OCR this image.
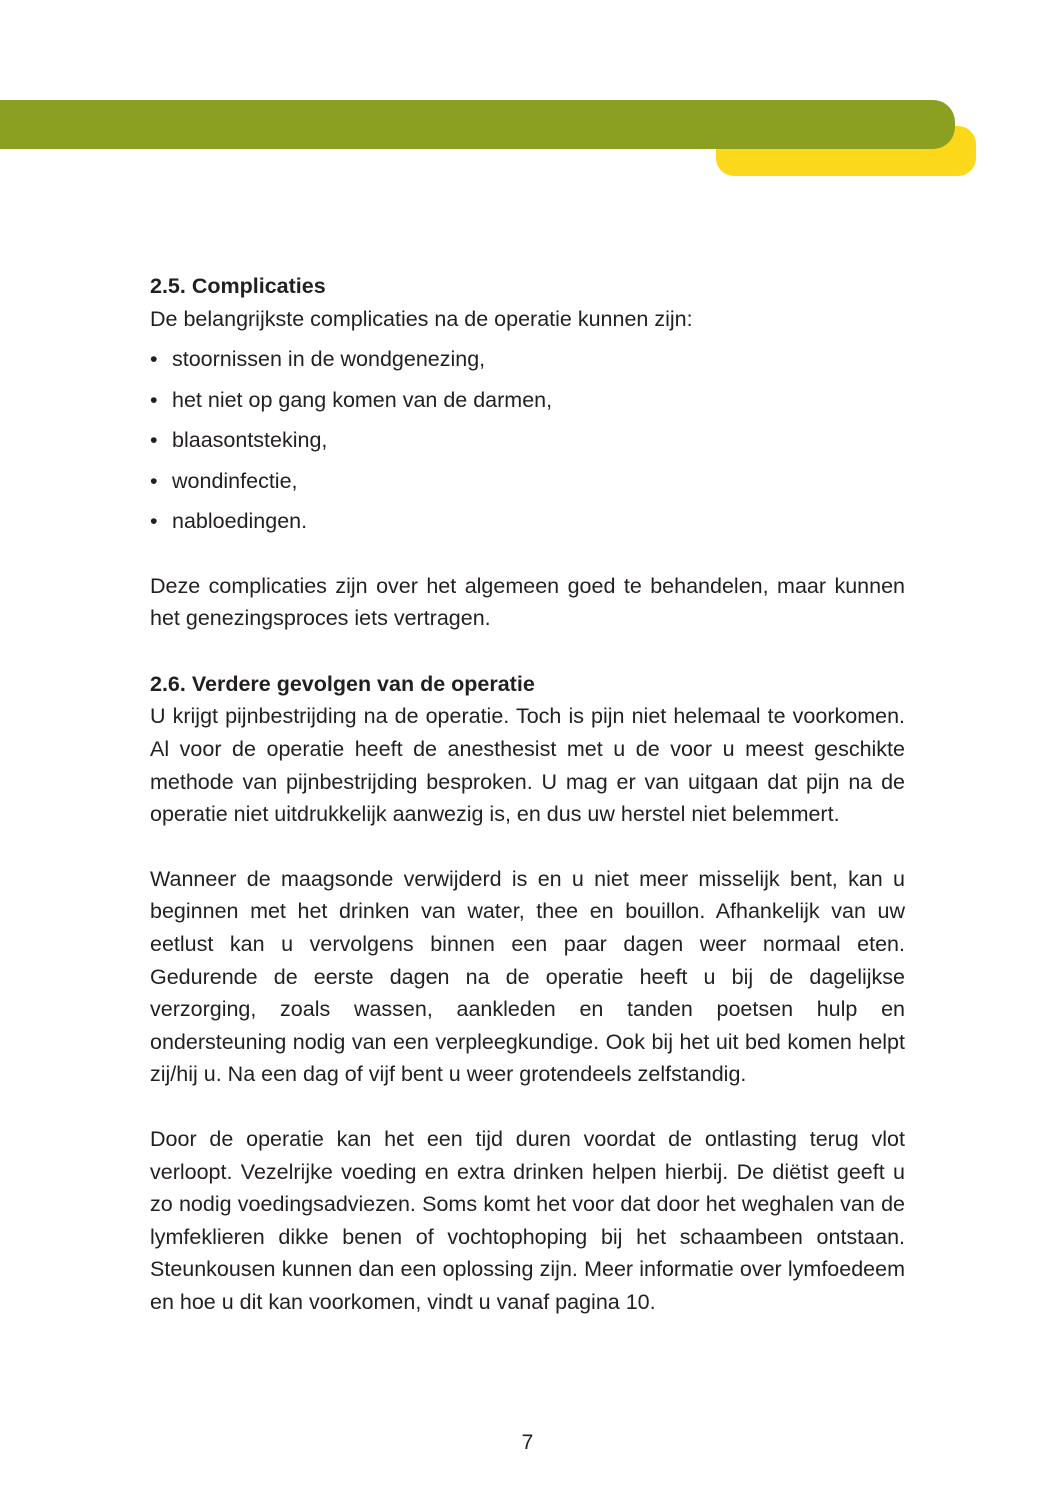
2.5. Complicaties

De belangrijkste complicaties na de operatie kunnen zijn:

• stoornissen in de wondgenezing,
• het niet op gang komen van de darmen,
• blaasontsteking,
• wondinfectie,
• nabloedingen.

Deze complicaties zijn over het algemeen goed te behandelen, maar kunnen het genezingsproces iets vertragen.

2.6. Verdere gevolgen van de operatie

U krijgt pijnbestrijding na de operatie. Toch is pijn niet helemaal te voorkomen. Al voor de operatie heeft de anesthesist met u de voor u meest geschikte methode van pijnbestrijding besproken. U mag er van uitgaan dat pijn na de operatie niet uitdrukkelijk aanwezig is, en dus uw herstel niet belemmert.

Wanneer de maagsonde verwijderd is en u niet meer misselijk bent, kan u beginnen met het drinken van water, thee en bouillon. Afhankelijk van uw eetlust kan u vervolgens binnen een paar dagen weer normaal eten. Gedurende de eerste dagen na de operatie heeft u bij de dagelijkse verzorging, zoals wassen, aankleden en tanden poetsen hulp en ondersteuning nodig van een verpleegkundige. Ook bij het uit bed komen helpt zij/hij u. Na een dag of vijf bent u weer grotendeels zelfstandig.

Door de operatie kan het een tijd duren voordat de ontlasting terug vlot verloopt. Vezelrijke voeding en extra drinken helpen hierbij. De diëtist geeft u zo nodig voedingsadviezen. Soms komt het voor dat door het weghalen van de lymfeklieren dikke benen of vochtophoping bij het schaambeen ontstaan. Steunkousen kunnen dan een oplossing zijn. Meer informatie over lymfoedeem en hoe u dit kan voorkomen, vindt u vanaf pagina 10.

7
